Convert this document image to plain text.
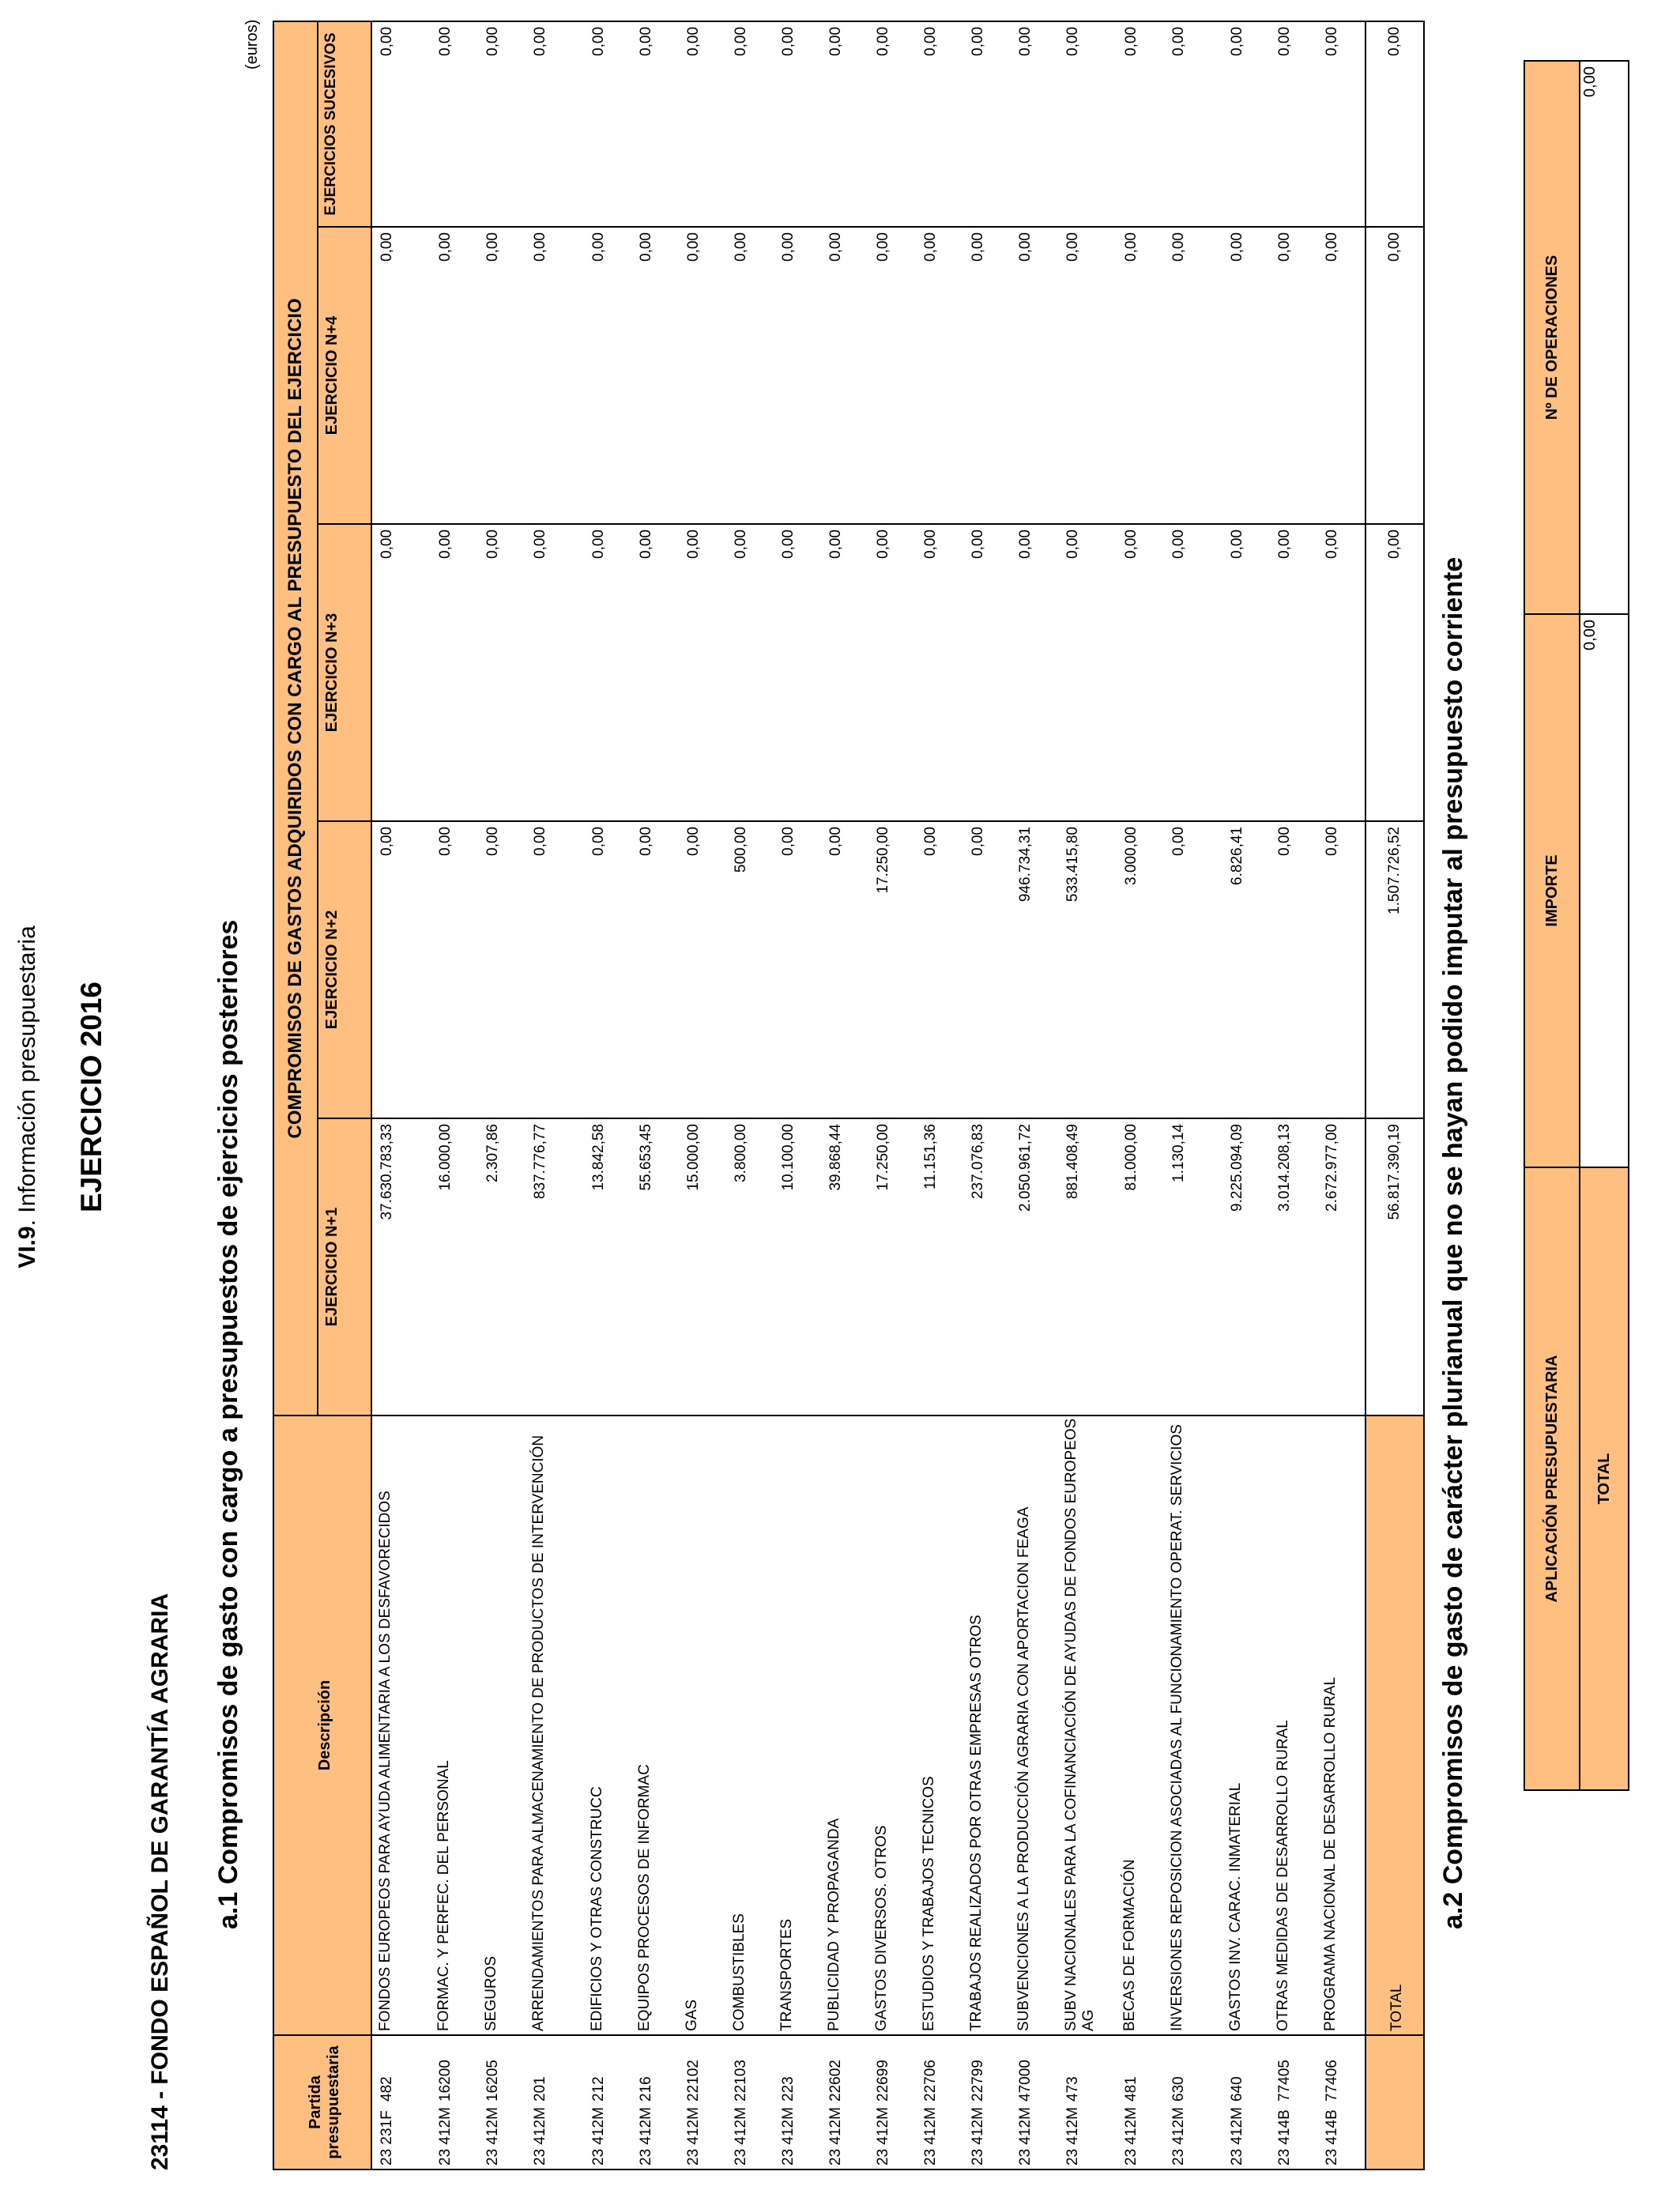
VI.9. Información presupuestaria EJERCICIO 2016
23114 - FONDO ESPAÑOL DE GARANTÍA AGRARIA a.1 Compromisos de gasto con cargo a presupuestos de ejercicios posteriores
(euros)
Partida presupuestaria		Descripción	COMPROMISOS DE GASTOS ADQUIRIDOS CON CARGO AL PRESUPUESTO DEL EJERCICIO				
			EJERCICIO N+1	EJERCICIO N+2	EJERCICIO N+3	EJERCICIO N+4	EJERCICIOS SUCESIVOS
23 231F	482	FONDOS EUROPEOS PARA AYUDA ALIMENTARIA A LOS DESFAVORECIDOS	37.630.783,33	0,00	0,00	0,00	0,00
23 412M	16200	FORMAC. Y PERFEC. DEL PERSONAL	16.000,00	0,00	0,00	0,00	0,00
23 412M	16205	SEGUROS	2.307,86	0,00	0,00	0,00	0,00
23 412M	201	ARRENDAMIENTOS PARA ALMACENAMIENTO DE PRODUCTOS DE INTERVENCIÓN	837.776,77	0,00	0,00	0,00	0,00
23 412M	212	EDIFICIOS Y OTRAS CONSTRUCC	13.842,58	0,00	0,00	0,00	0,00
23 412M	216	EQUIPOS PROCESOS DE INFORMAC	55.653,45	0,00	0,00	0,00	0,00
23 412M	22102	GAS	15.000,00	0,00	0,00	0,00	0,00
23 412M	22103	COMBUSTIBLES	3.800,00	500,00	0,00	0,00	0,00
23 412M	223	TRANSPORTES	10.100,00	0,00	0,00	0,00	0,00
23 412M	22602	PUBLICIDAD Y PROPAGANDA	39.868,44	0,00	0,00	0,00	0,00
23 412M	22699	GASTOS DIVERSOS. OTROS	17.250,00	17.250,00	0,00	0,00	0,00
23 412M	22706	ESTUDIOS Y TRABAJOS TECNICOS	11.151,36	0,00	0,00	0,00	0,00
23 412M	22799	TRABAJOS REALIZADOS POR OTRAS EMPRESAS OTROS	237.076,83	0,00	0,00	0,00	0,00
23 412M	47000	SUBVENCIONES A LA PRODUCCIÓN AGRARIA CON APORTACION FEAGA	2.050.961,72	946.734,31	0,00	0,00	0,00
23 412M	473	SUBV NACIONALES PARA LA COFINANCIACIÓN DE AYUDAS DE FONDOS EUROPEOS AG	881.408,49	533.415,80	0,00	0,00	0,00
23 412M	481	BECAS DE FORMACIÓN	81.000,00	3.000,00	0,00	0,00	0,00
23 412M	630	INVERSIONES REPOSICION ASOCIADAS AL FUNCIONAMIENTO OPERAT. SERVICIOS	1.130,14	0,00	0,00	0,00	0,00
23 412M	640	GASTOS INV. CARAC. INMATERIAL	9.225.094,09	6.826,41	0,00	0,00	0,00
23 414B	77405	OTRAS MEDIDAS DE DESARROLLO RURAL	3.014.208,13	0,00	0,00	0,00	0,00
23 414B	77406	PROGRAMA NACIONAL DE DESARROLLO RURAL	2.672.977,00	0,00	0,00	0,00	0,00
		TOTAL	56.817.390,19	1.507.726,52	0,00	0,00	0,00
a.2 Compromisos de gasto de carácter plurianual que no se hayan podido imputar al presupuesto corriente	APLICACIÓN PRESUPUESTARIA	IMPORTE	Nº DE OPERACIONES
TOTAL	0,00	0,00
